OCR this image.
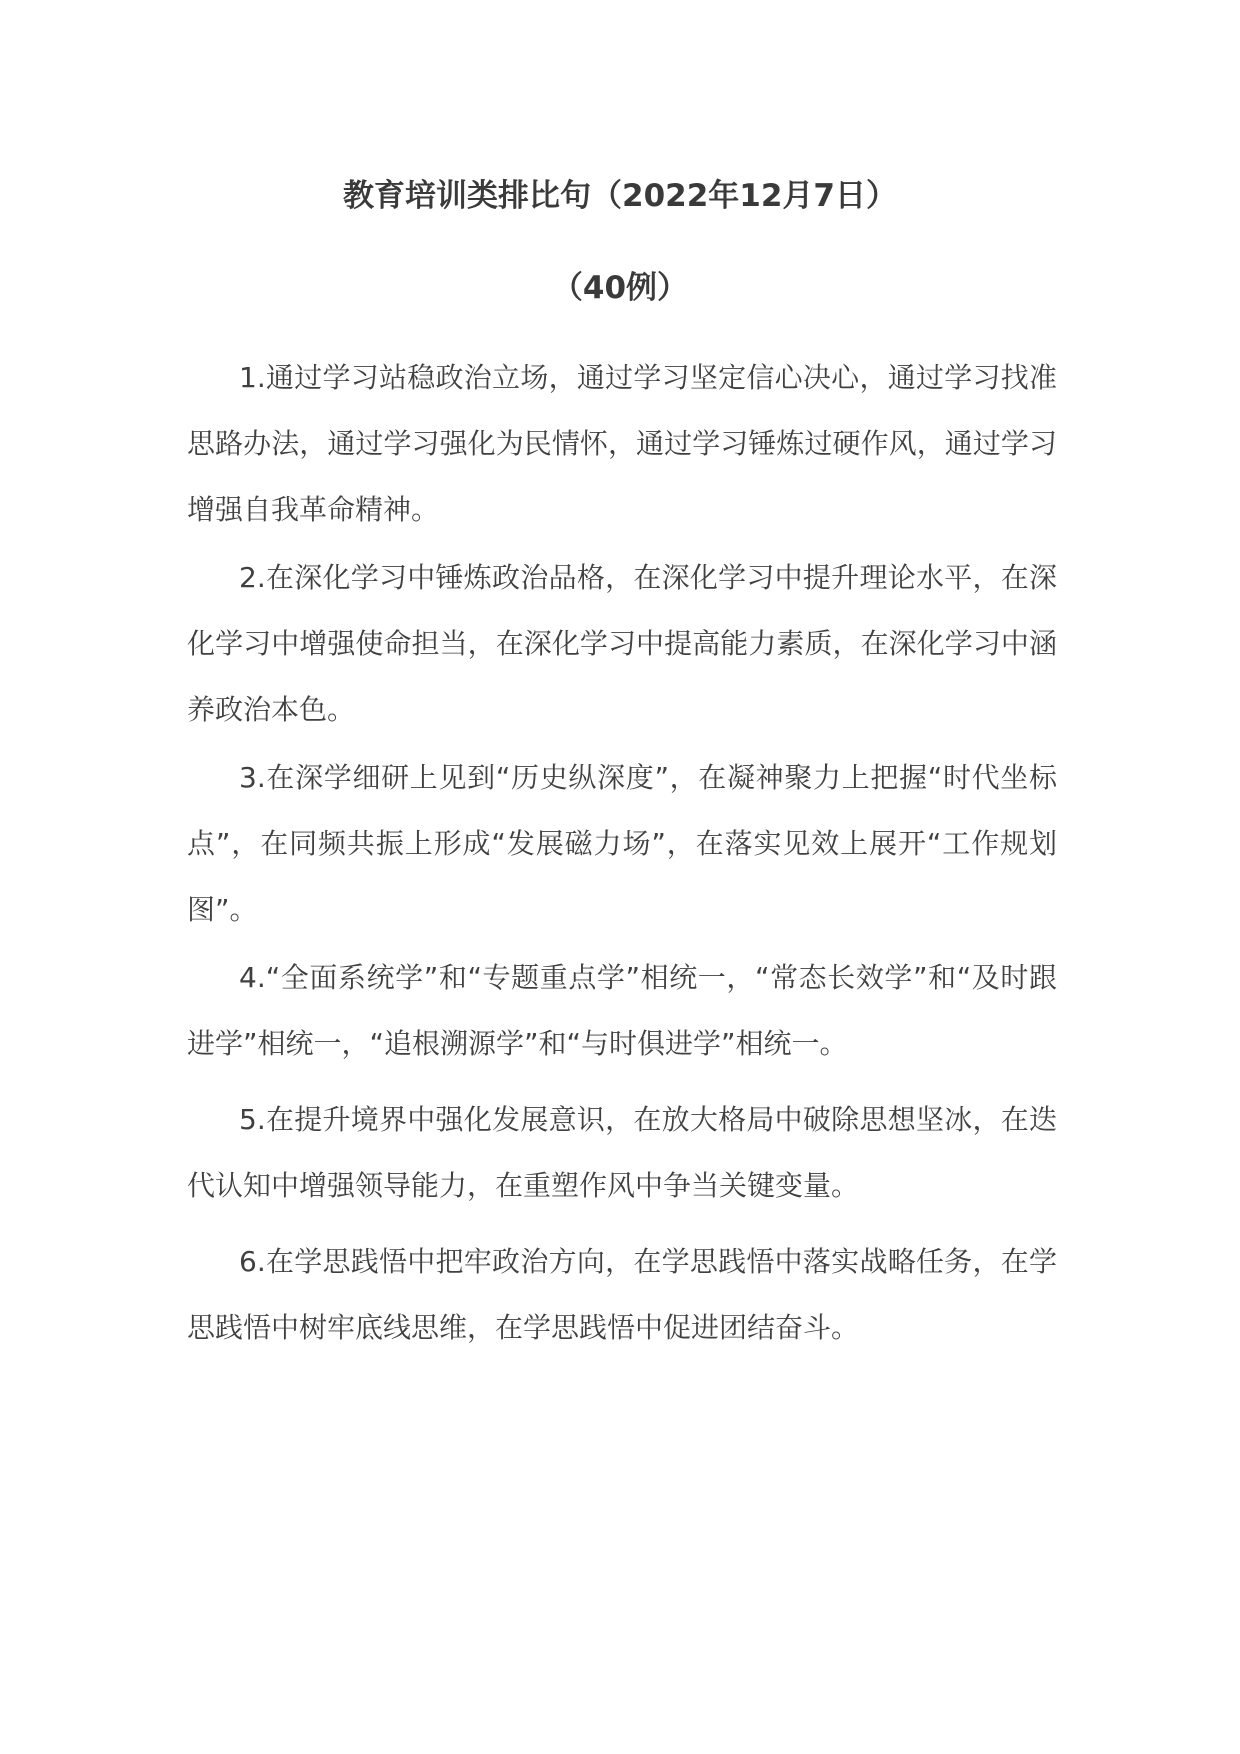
教育培训类排比句（2022年12月7日）
（40例）

1.通过学习站稳政治立场，通过学习坚定信心决心，通过学习找准思路办法，通过学习强化为民情怀，通过学习锤炼过硬作风，通过学习增强自我革命精神。

2.在深化学习中锤炼政治品格，在深化学习中提升理论水平，在深化学习中增强使命担当，在深化学习中提高能力素质，在深化学习中涵养政治本色。

3.在深学细研上见到“历史纵深度”，在凝神聚力上把握“时代坐标点”，在同频共振上形成“发展磁力场”，在落实见效上展开“工作规划图”。

4.“全面系统学”和“专题重点学”相统一，“常态长效学”和“及时跟进学”相统一，“追根溯源学”和“与时俱进学”相统一。

5.在提升境界中强化发展意识，在放大格局中破除思想坚冰，在迭代认知中增强领导能力，在重塑作风中争当关键变量。

6.在学思践悟中把牢政治方向，在学思践悟中落实战略任务，在学思践悟中树牢底线思维，在学思践悟中促进团结奋斗。
